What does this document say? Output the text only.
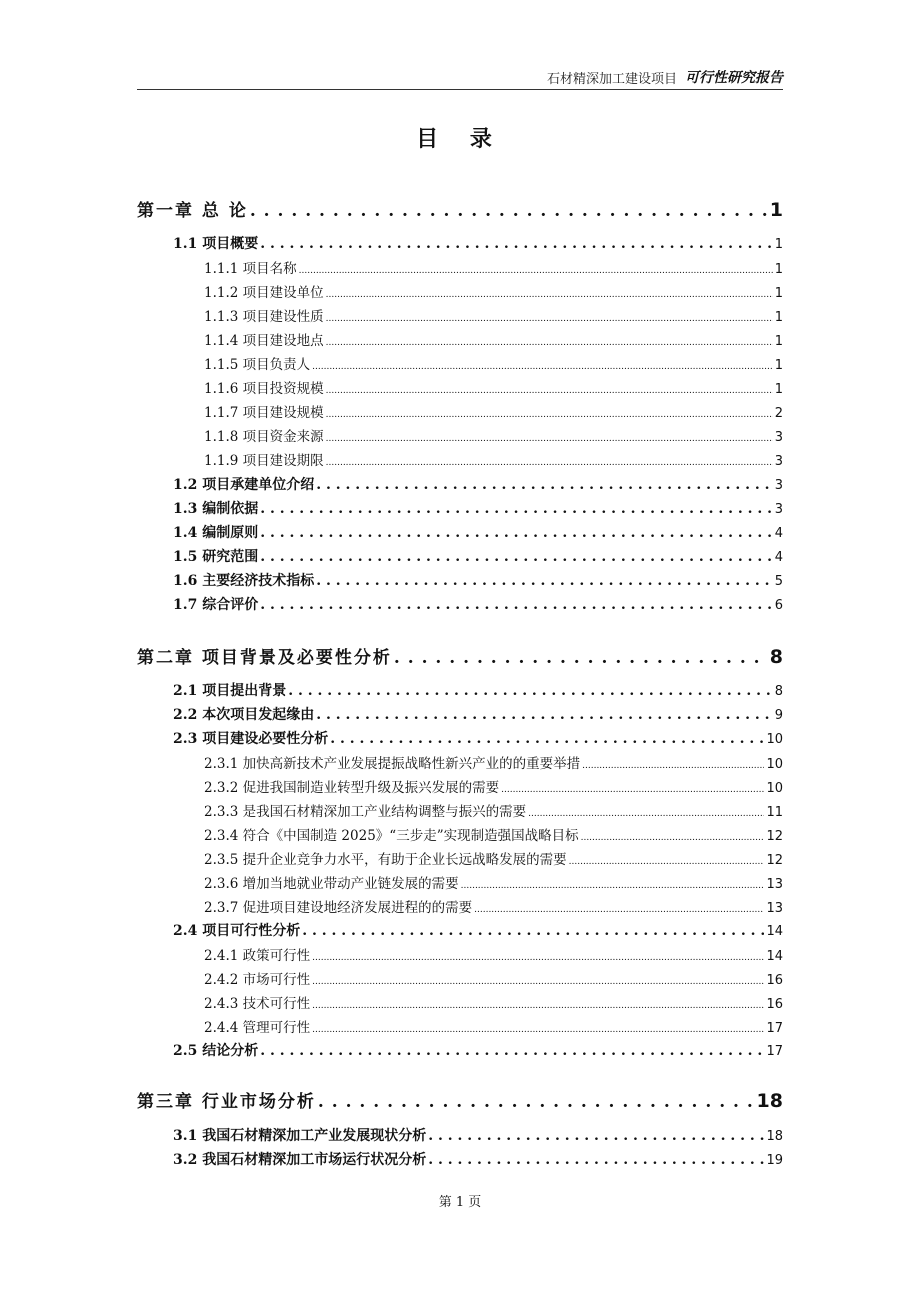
石材精深加工建设项目 可行性研究报告
目 录
第一章 总 论 . . .	1
1.1 项目概要 . . .	1
1.1.1 项目名称 .....	1
1.1.2 项目建设单位 .....	1
1.1.3 项目建设性质 .....	1
1.1.4 项目建设地点 .....	1
1.1.5 项目负责人 .....	1
1.1.6 项目投资规模 .....	1
1.1.7 项目建设规模 .....	2
1.1.8 项目资金来源 .....	3
1.1.9 项目建设期限 .....	3
1.2 项目承建单位介绍 . . .	3
1.3 编制依据 . . .	3
1.4 编制原则 . . .	4
1.5 研究范围 . . .	4
1.6 主要经济技术指标 . . .	5
1.7 综合评价 . . .	6
第二章 项目背景及必要性分析 . . .	8
2.1 项目提出背景 . . .	8
2.2 本次项目发起缘由 . . .	9
2.3 项目建设必要性分析 . . .	10
2.3.1 加快高新技术产业发展提振战略性新兴产业的的重要举措 .....	10
2.3.2 促进我国制造业转型升级及振兴发展的需要 .....	10
2.3.3 是我国石材精深加工产业结构调整与振兴的需要 .....	11
2.3.4 符合《中国制造 2025》“三步走”实现制造强国战略目标 .....	12
2.3.5 提升企业竞争力水平，有助于企业长远战略发展的需要 .....	12
2.3.6 增加当地就业带动产业链发展的需要 .....	13
2.3.7 促进项目建设地经济发展进程的的需要 .....	13
2.4 项目可行性分析 . . .	14
2.4.1 政策可行性 .....	14
2.4.2 市场可行性 .....	16
2.4.3 技术可行性 .....	16
2.4.4 管理可行性 .....	17
2.5 结论分析 . . .	17
第三章 行业市场分析 . . .	18
3.1 我国石材精深加工产业发展现状分析 . . .	18
3.2 我国石材精深加工市场运行状况分析 . . .	19
第 1 页
